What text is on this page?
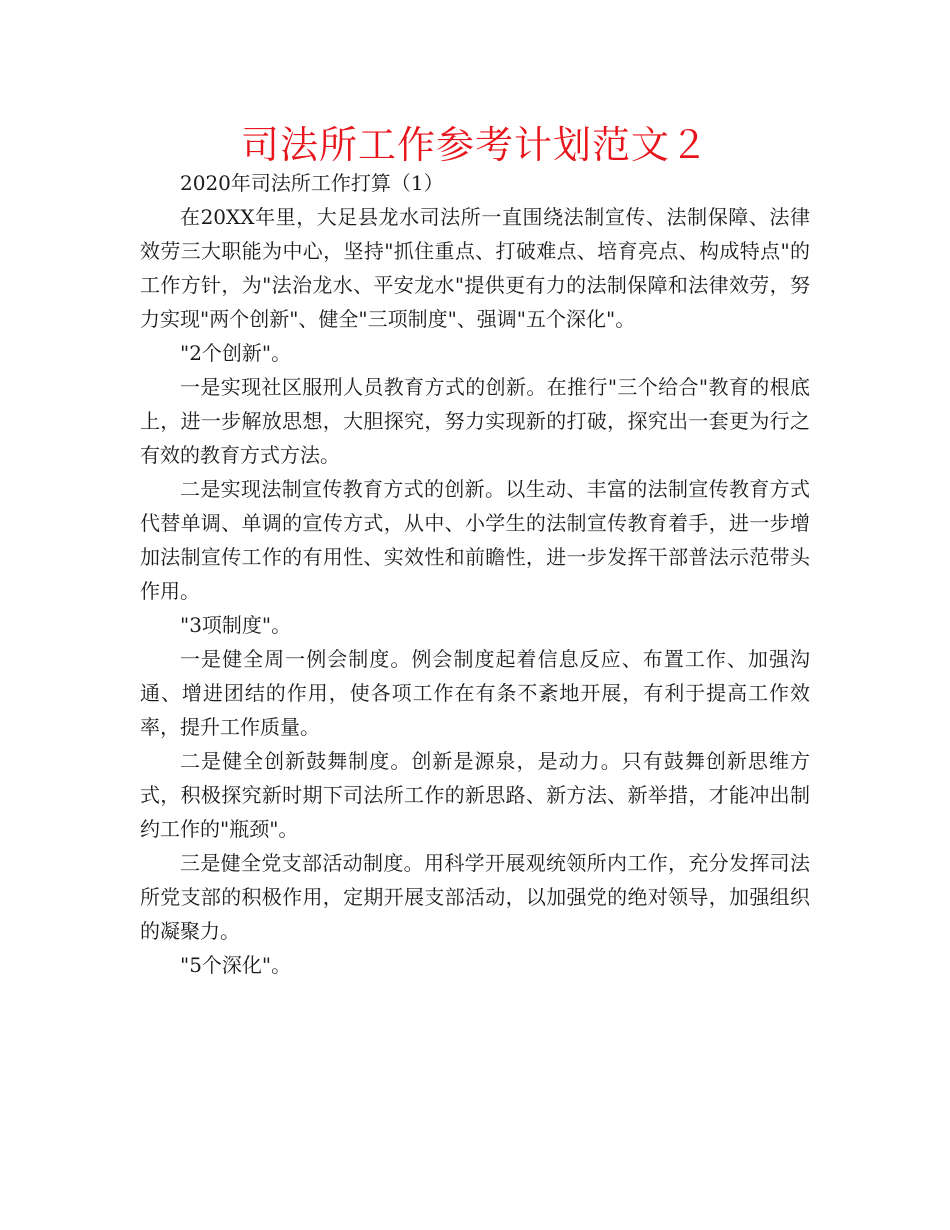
司法所工作参考计划范文２

2020年司法所工作打算（1）

在20XX年里，大足县龙水司法所一直围绕法制宣传、法制保障、法律效劳三大职能为中心，坚持"抓住重点、打破难点、培育亮点、构成特点"的工作方针，为"法治龙水、平安龙水"提供更有力的法制保障和法律效劳，努力实现"两个创新"、健全"三项制度"、强调"五个深化"。

"2个创新"。

一是实现社区服刑人员教育方式的创新。在推行"三个给合"教育的根底上，进一步解放思想，大胆探究，努力实现新的打破，探究出一套更为行之有效的教育方式方法。

二是实现法制宣传教育方式的创新。以生动、丰富的法制宣传教育方式代替单调、单调的宣传方式，从中、小学生的法制宣传教育着手，进一步增加法制宣传工作的有用性、实效性和前瞻性，进一步发挥干部普法示范带头作用。

"3项制度"。

一是健全周一例会制度。例会制度起着信息反应、布置工作、加强沟通、增进团结的作用，使各项工作在有条不紊地开展，有利于提高工作效率，提升工作质量。

二是健全创新鼓舞制度。创新是源泉，是动力。只有鼓舞创新思维方式，积极探究新时期下司法所工作的新思路、新方法、新举措，才能冲出制约工作的"瓶颈"。

三是健全党支部活动制度。用科学开展观统领所内工作，充分发挥司法所党支部的积极作用，定期开展支部活动，以加强党的绝对领导，加强组织的凝聚力。

"5个深化"。
